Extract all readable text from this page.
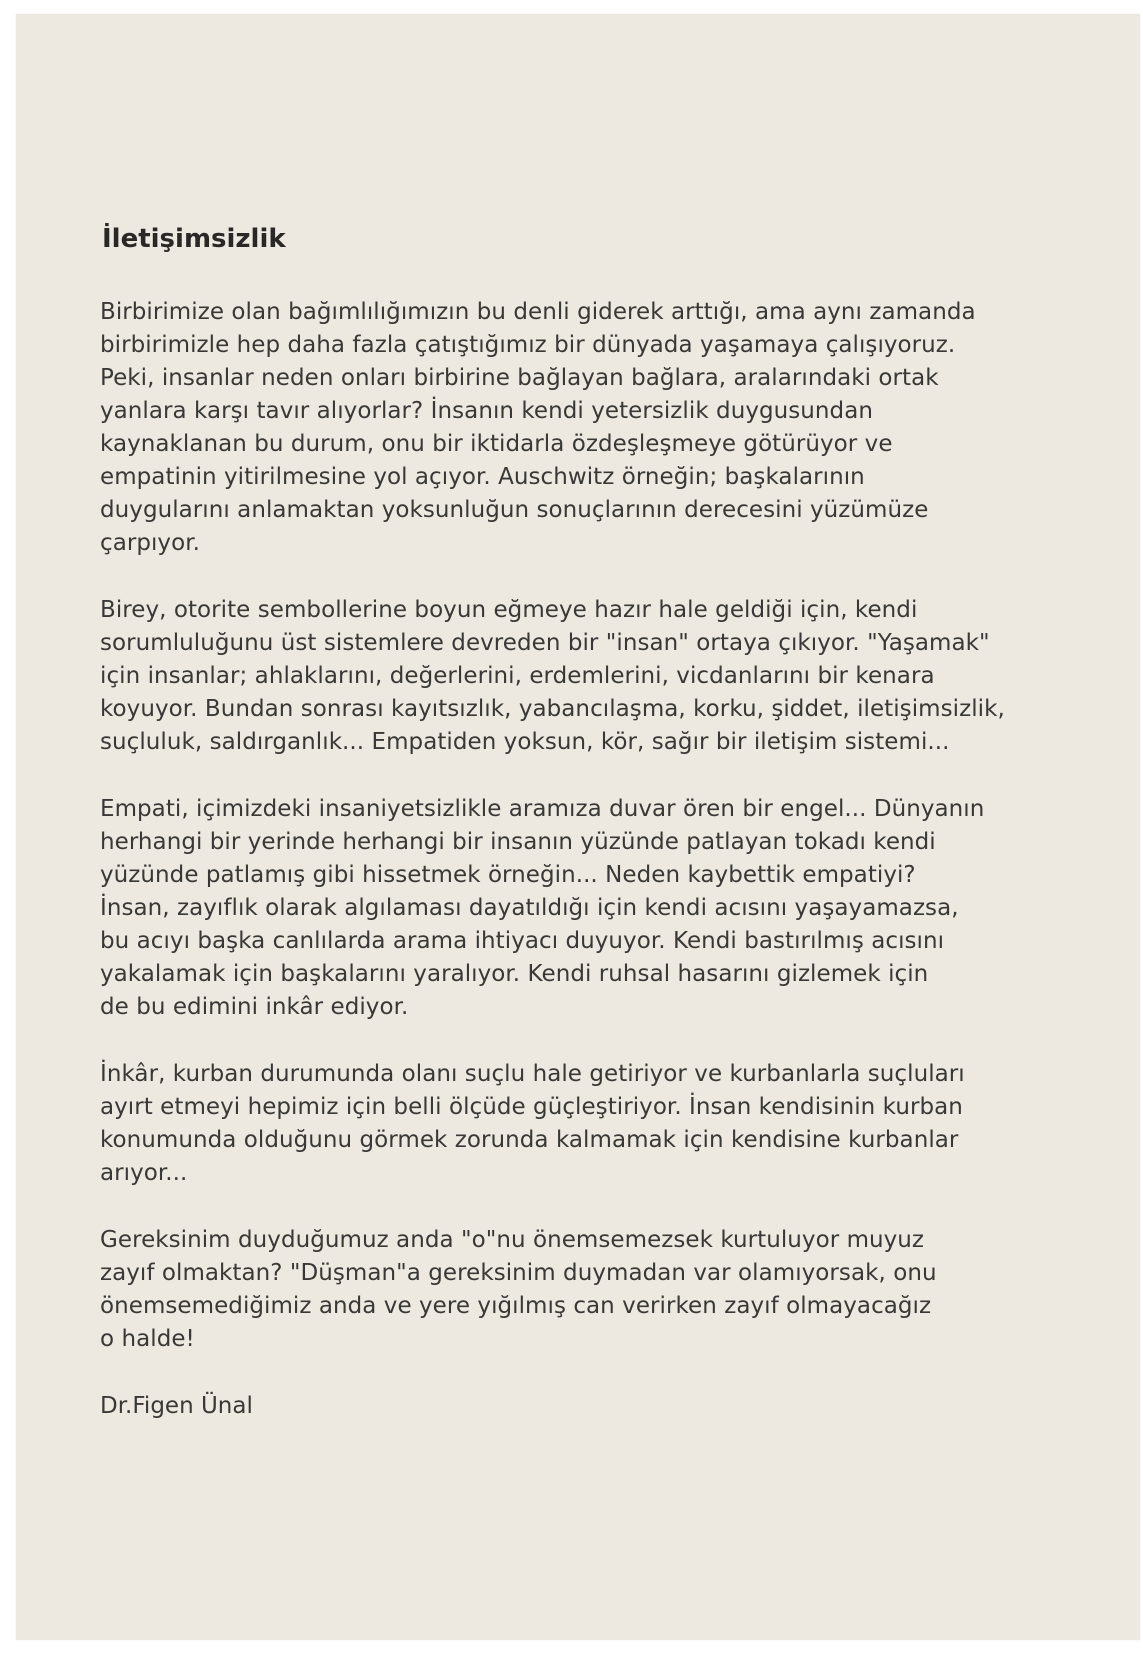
İletişimsizlik
Birbirimize olan bağımlılığımızın bu denli giderek arttığı, ama aynı zamanda
birbirimizle hep daha fazla çatıştığımız bir dünyada yaşamaya çalışıyoruz.
Peki, insanlar neden onları birbirine bağlayan bağlara, aralarındaki ortak
yanlara karşı tavır alıyorlar? İnsanın kendi yetersizlik duygusundan
kaynaklanan bu durum, onu bir iktidarla özdeşleşmeye götürüyor ve
empatinin yitirilmesine yol açıyor. Auschwitz örneğin; başkalarının
duygularını anlamaktan yoksunluğun sonuçlarının derecesini yüzümüze
çarpıyor.
Birey, otorite sembollerine boyun eğmeye hazır hale geldiği için, kendi
sorumluluğunu üst sistemlere devreden bir "insan" ortaya çıkıyor. "Yaşamak"
için insanlar; ahlaklarını, değerlerini, erdemlerini, vicdanlarını bir kenara
koyuyor. Bundan sonrası kayıtsızlık, yabancılaşma, korku, şiddet, iletişimsizlik,
suçluluk, saldırganlık... Empatiden yoksun, kör, sağır bir iletişim sistemi...
Empati, içimizdeki insaniyetsizlikle aramıza duvar ören bir engel... Dünyanın
herhangi bir yerinde herhangi bir insanın yüzünde patlayan tokadı kendi
yüzünde patlamış gibi hissetmek örneğin... Neden kaybettik empatiyi?
İnsan, zayıflık olarak algılaması dayatıldığı için kendi acısını yaşayamazsa,
bu acıyı başka canlılarda arama ihtiyacı duyuyor. Kendi bastırılmış acısını
yakalamak için başkalarını yaralıyor. Kendi ruhsal hasarını gizlemek için
de bu edimini inkâr ediyor.
İnkâr, kurban durumunda olanı suçlu hale getiriyor ve kurbanlarla suçluları
ayırt etmeyi hepimiz için belli ölçüde güçleştiriyor. İnsan kendisinin kurban
konumunda olduğunu görmek zorunda kalmamak için kendisine kurbanlar
arıyor...
Gereksinim duyduğumuz anda "o"nu önemsemezsek kurtuluyor muyuz
zayıf olmaktan? "Düşman"a gereksinim duymadan var olamıyorsak, onu
önemsemediğimiz anda ve yere yığılmış can verirken zayıf olmayacağız
o halde!
Dr.Figen Ünal
